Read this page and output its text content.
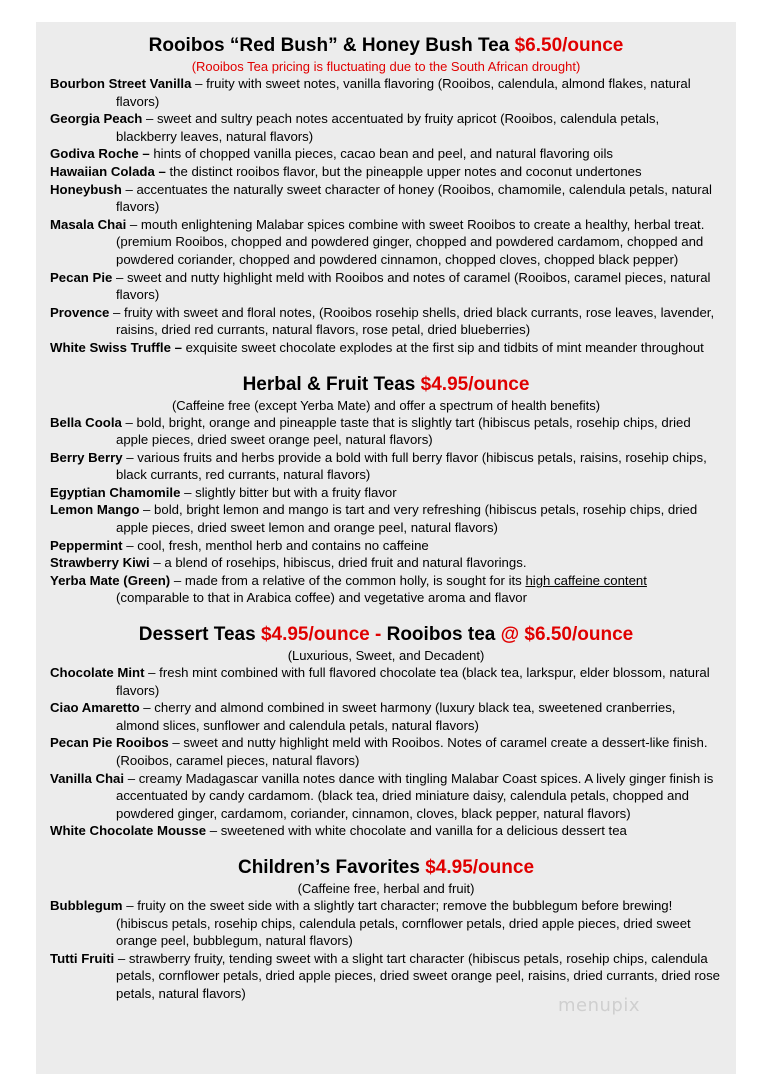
Rooibos “Red Bush” & Honey Bush Tea $6.50/ounce
(Rooibos Tea pricing is fluctuating due to the South African drought)
Bourbon Street Vanilla – fruity with sweet notes, vanilla flavoring (Rooibos, calendula, almond flakes, natural flavors)
Georgia Peach – sweet and sultry peach notes accentuated by fruity apricot (Rooibos, calendula petals, blackberry leaves, natural flavors)
Godiva Roche – hints of chopped vanilla pieces, cacao bean and peel, and natural flavoring oils
Hawaiian Colada – the distinct rooibos flavor, but the pineapple upper notes and coconut undertones
Honeybush – accentuates the naturally sweet character of honey (Rooibos, chamomile, calendula petals, natural flavors)
Masala Chai – mouth enlightening Malabar spices combine with sweet Rooibos to create a healthy, herbal treat. (premium Rooibos, chopped and powdered ginger, chopped and powdered cardamom, chopped and powdered coriander, chopped and powdered cinnamon, chopped cloves, chopped black pepper)
Pecan Pie – sweet and nutty highlight meld with Rooibos and notes of caramel (Rooibos, caramel pieces, natural flavors)
Provence – fruity with sweet and floral notes, (Rooibos rosehip shells, dried black currants, rose leaves, lavender, raisins, dried red currants, natural flavors, rose petal, dried blueberries)
White Swiss Truffle – exquisite sweet chocolate explodes at the first sip and tidbits of mint meander throughout
Herbal & Fruit Teas $4.95/ounce
(Caffeine free (except Yerba Mate) and offer a spectrum of health benefits)
Bella Coola – bold, bright, orange and pineapple taste that is slightly tart (hibiscus petals, rosehip chips, dried apple pieces, dried sweet orange peel, natural flavors)
Berry Berry – various fruits and herbs provide a bold with full berry flavor (hibiscus petals, raisins, rosehip chips, black currants, red currants, natural flavors)
Egyptian Chamomile – slightly bitter but with a fruity flavor
Lemon Mango – bold, bright lemon and mango is tart and very refreshing (hibiscus petals, rosehip chips, dried apple pieces, dried sweet lemon and orange peel, natural flavors)
Peppermint – cool, fresh, menthol herb and contains no caffeine
Strawberry Kiwi – a blend of rosehips, hibiscus, dried fruit and natural flavorings.
Yerba Mate (Green) – made from a relative of the common holly, is sought for its high caffeine content (comparable to that in Arabica coffee) and vegetative aroma and flavor
Dessert Teas $4.95/ounce - Rooibos tea @ $6.50/ounce
(Luxurious, Sweet, and Decadent)
Chocolate Mint – fresh mint combined with full flavored chocolate tea (black tea, larkspur, elder blossom, natural flavors)
Ciao Amaretto – cherry and almond combined in sweet harmony (luxury black tea, sweetened cranberries, almond slices, sunflower and calendula petals, natural flavors)
Pecan Pie Rooibos – sweet and nutty highlight meld with Rooibos. Notes of caramel create a dessert-like finish. (Rooibos, caramel pieces, natural flavors)
Vanilla Chai – creamy Madagascar vanilla notes dance with tingling Malabar Coast spices. A lively ginger finish is accentuated by candy cardamom. (black tea, dried miniature daisy, calendula petals, chopped and powdered ginger, cardamom, coriander, cinnamon, cloves, black pepper, natural flavors)
White Chocolate Mousse – sweetened with white chocolate and vanilla for a delicious dessert tea
Children’s Favorites $4.95/ounce
(Caffeine free, herbal and fruit)
Bubblegum – fruity on the sweet side with a slightly tart character; remove the bubblegum before brewing! (hibiscus petals, rosehip chips, calendula petals, cornflower petals, dried apple pieces, dried sweet orange peel, bubblegum, natural flavors)
Tutti Fruiti – strawberry fruity, tending sweet with a slight tart character (hibiscus petals, rosehip chips, calendula petals, cornflower petals, dried apple pieces, dried sweet orange peel, raisins, dried currants, dried rose petals, natural flavors)
menupix
